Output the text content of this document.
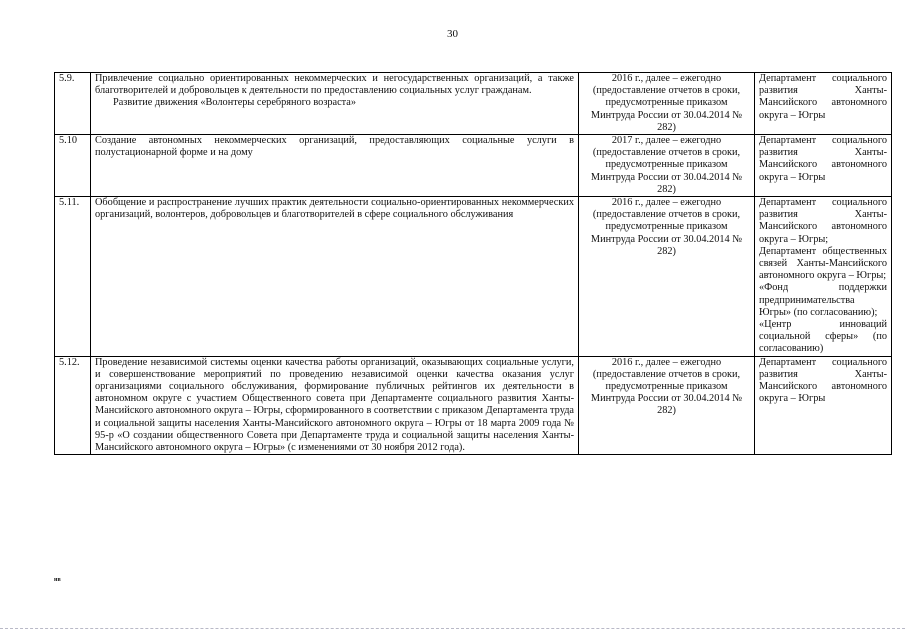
30
5.9.	Привлечение социально ориентированных некоммерческих и негосударственных организаций, а также благотворителей и добровольцев к деятельности по предоставлению социальных услуг гражданам.
Развитие движения «Волонтеры серебряного возраста»	2016 г., далее – ежегодно (предоставление отчетов в сроки, предусмотренные приказом Минтруда России от 30.04.2014 № 282)	Департамент социального развития Ханты-Мансийского автономного округа – Югры

5.10	Создание автономных некоммерческих организаций, предоставляющих социальные услуги в полустационарной форме и на дому	2017 г., далее – ежегодно (предоставление отчетов в сроки, предусмотренные приказом Минтруда России от 30.04.2014 № 282)	Департамент социального развития Ханты-Мансийского автономного округа – Югры

5.11.	Обобщение и распространение лучших практик деятельности социально-ориентированных некоммерческих организаций, волонтеров, добровольцев и благотворителей в сфере социального обслуживания	2016 г., далее – ежегодно (предоставление отчетов в сроки, предусмотренные приказом Минтруда России от 30.04.2014 № 282)	Департамент социального развития Ханты-Мансийского автономного округа – Югры;
Департамент общественных связей Ханты-Мансийского автономного округа – Югры;
«Фонд поддержки предпринимательства Югры» (по согласованию);
«Центр инноваций социальной сферы» (по согласованию)

5.12.	Проведение независимой системы оценки качества работы организаций, оказывающих социальные услуги, и совершенствование мероприятий по проведению независимой оценки качества оказания услуг организациями социального обслуживания, формирование публичных рейтингов их деятельности в автономном округе с участием Общественного совета при Департаменте социального развития Ханты-Мансийского автономного округа – Югры, сформированного в соответствии с приказом Департамента труда и социальной защиты населения Ханты-Мансийского автономного округа – Югры от 18 марта 2009 года № 95-р «О создании общественного Совета при Департаменте труда и социальной защиты населения Ханты-Мансийского автономного округа – Югры» (с изменениями от 30 ноября 2012 года).	2016 г., далее – ежегодно (предоставление отчетов в сроки, предусмотренные приказом Минтруда России от 30.04.2014 № 282)	Департамент социального развития Ханты-Мансийского автономного округа – Югры
нв
